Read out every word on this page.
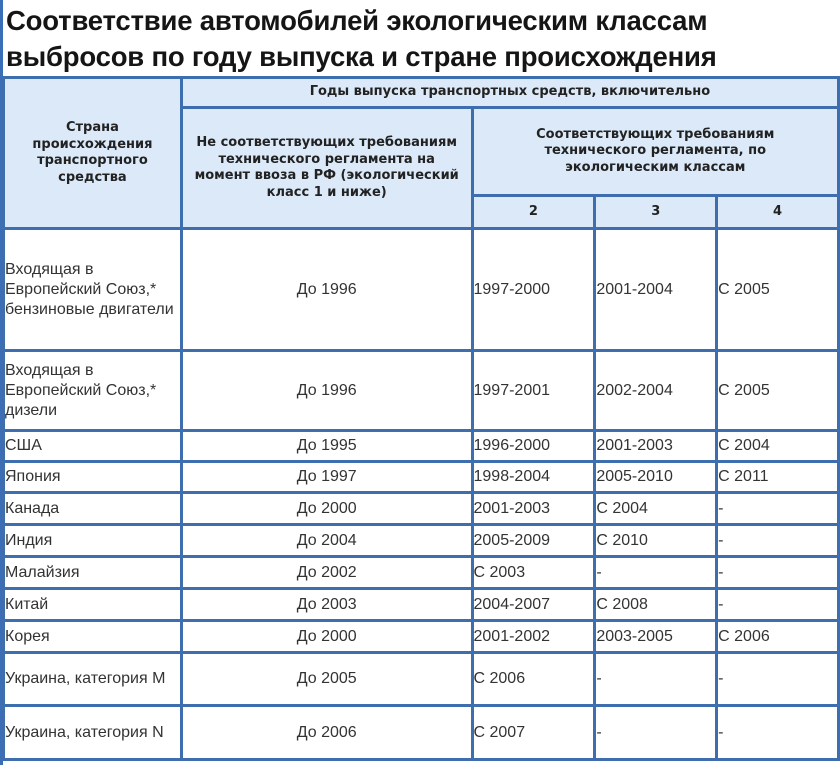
Соответствие автомобилей экологическим классам
выбросов по году выпуска и стране происхождения
Страна происхождения транспортного средства	Годы выпуска транспортных средств, включительно			
	Не соответствующих требованиям технического регламента на момент ввоза в РФ (экологический класс 1 и ниже)	Соответствующих требованиям технического регламента, по экологическим классам		
		2	3	4
Входящая в Европейский Союз,* бензиновые двигатели	До 1996	1997-2000	2001-2004	С 2005
Входящая в Европейский Союз,* дизели	До 1996	1997-2001	2002-2004	С 2005
США	До 1995	1996-2000	2001-2003	С 2004
Япония	До 1997	1998-2004	2005-2010	С 2011
Канада	До 2000	2001-2003	С 2004	-
Индия	До 2004	2005-2009	С 2010	-
Малайзия	До 2002	С 2003	-	-
Китай	До 2003	2004-2007	С 2008	-
Корея	До 2000	2001-2002	2003-2005	С 2006
Украина, категория M	До 2005	С 2006	-	-
Украина, категория N	До 2006	С 2007	-	-
